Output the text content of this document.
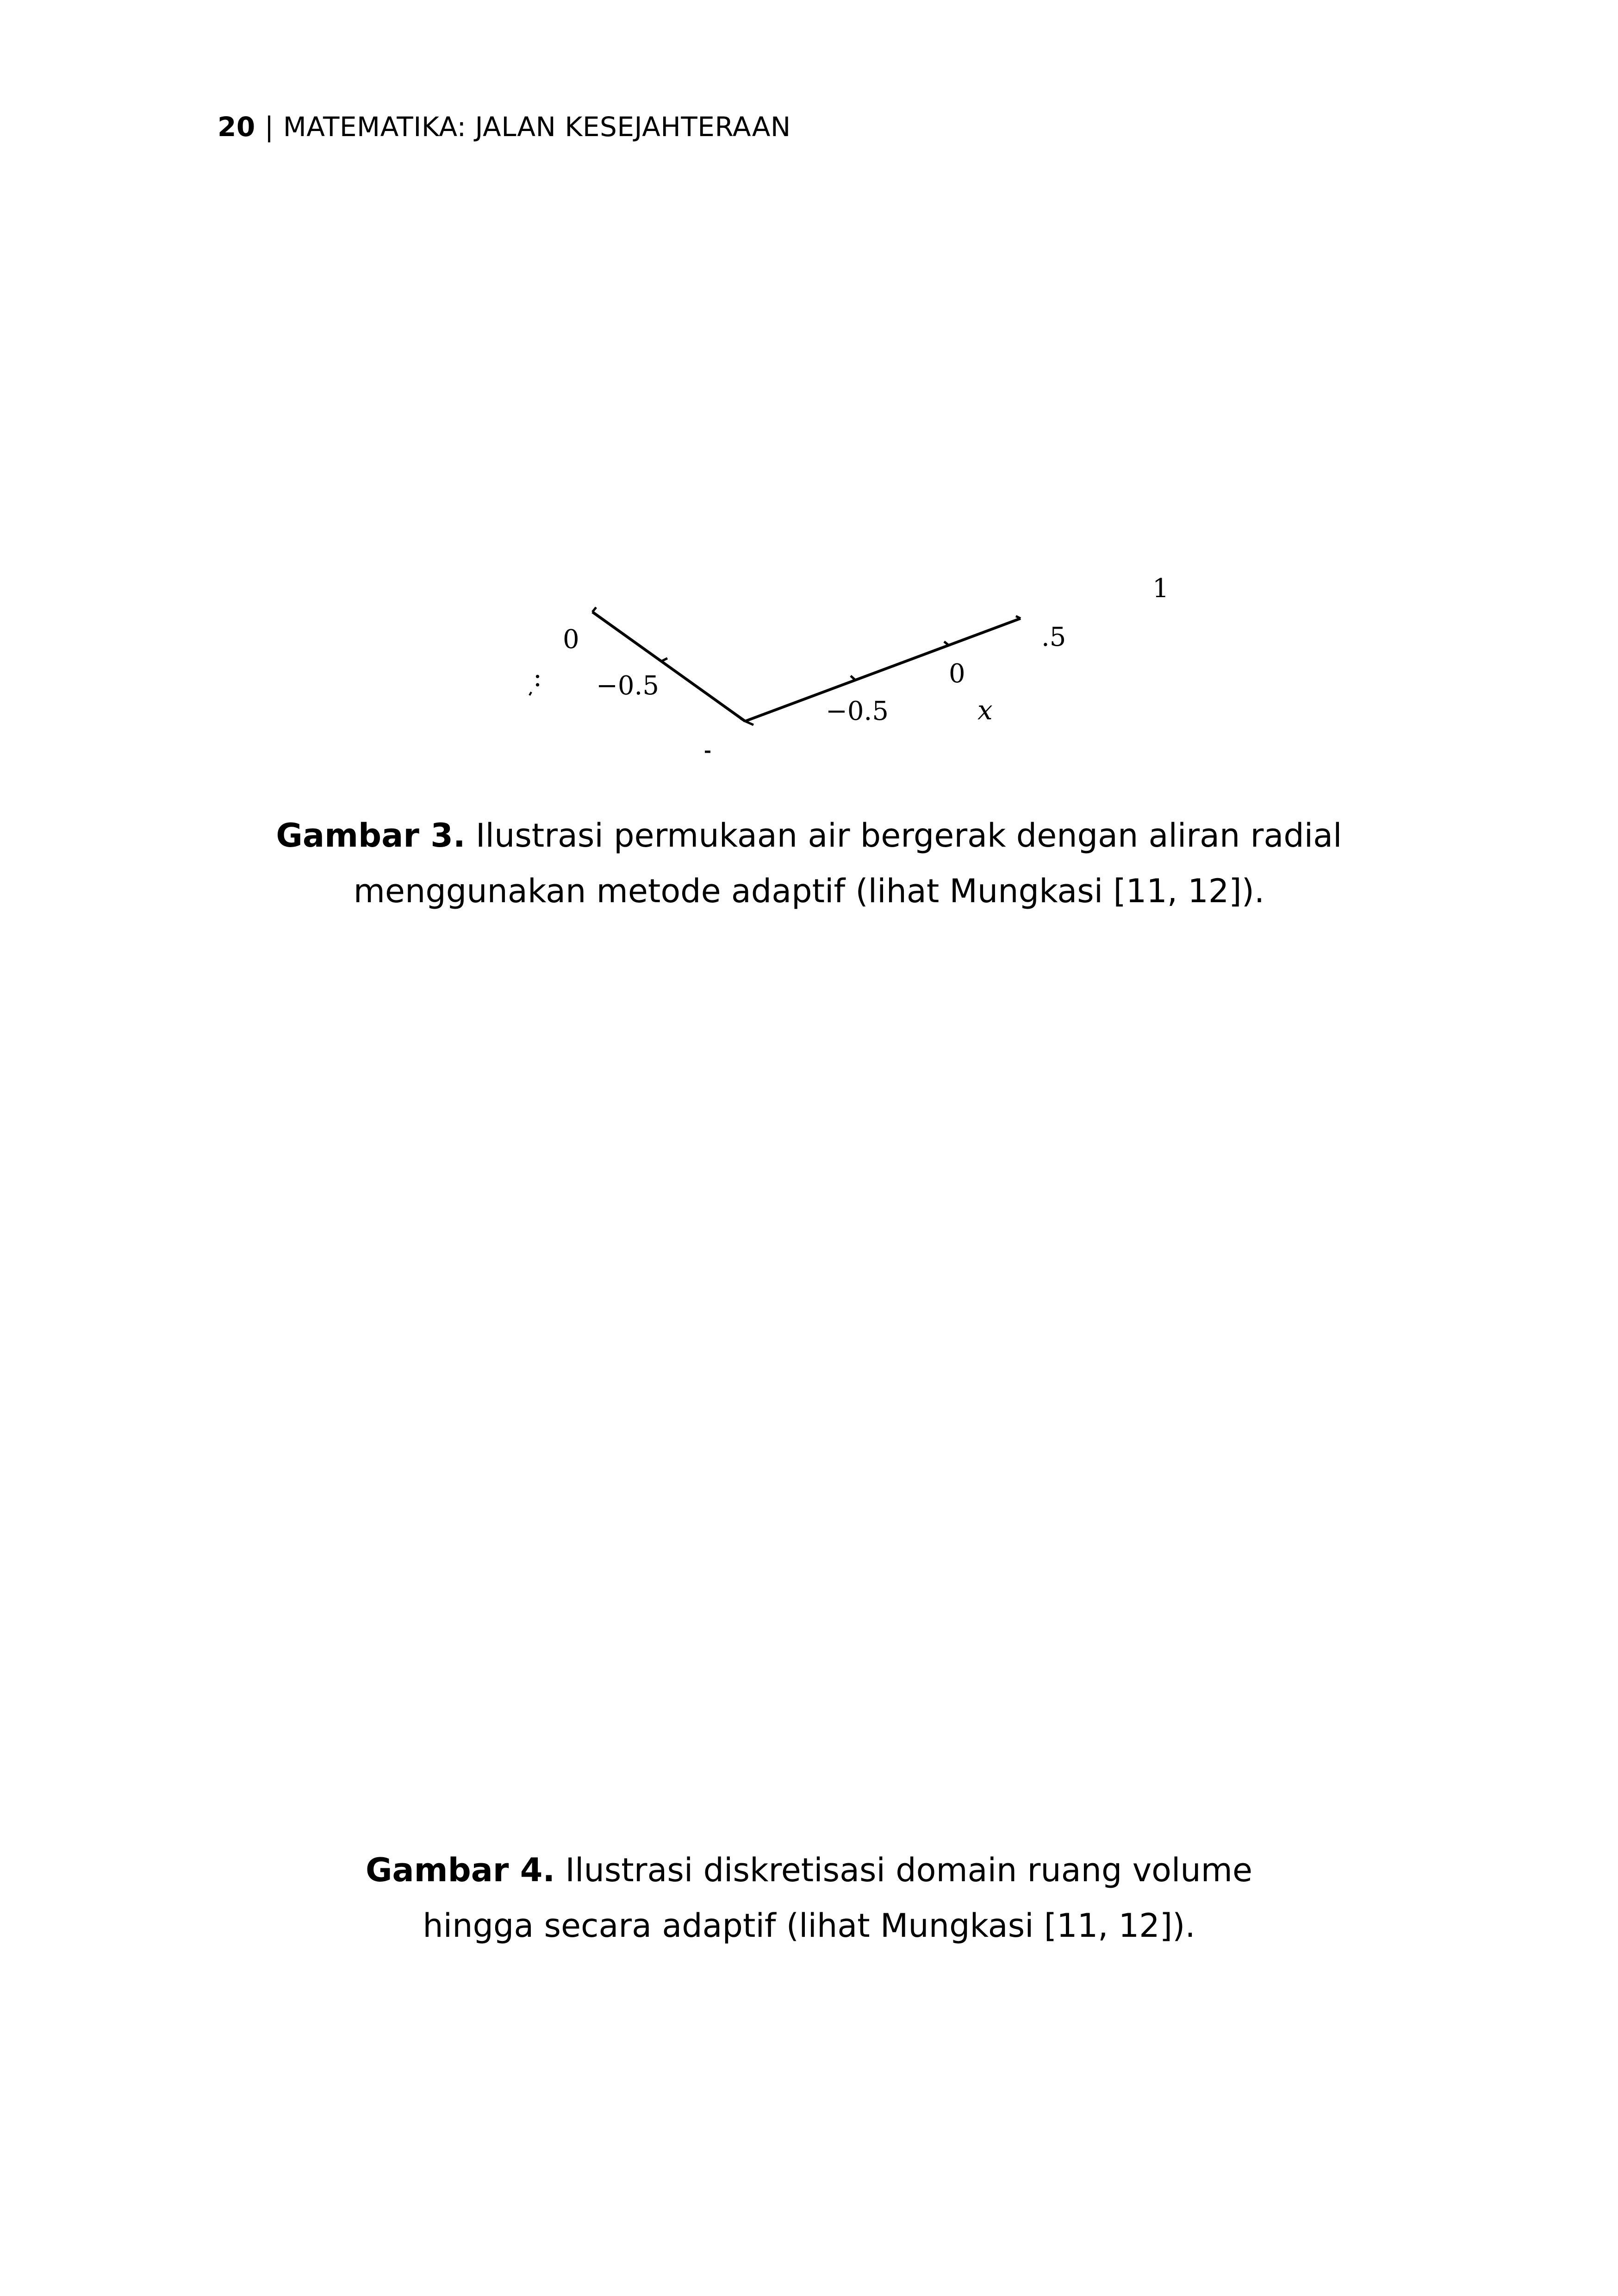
20 | MATEMATIKA: JALAN KESEJAHTERAAN
:
1
0
−0.5
−0.5
0
.5
x
Gambar 3. Ilustrasi permukaan air bergerak dengan aliran radial
menggunakan metode adaptif (lihat Mungkasi [11, 12]).
Gambar 4. Ilustrasi diskretisasi domain ruang volume
hingga secara adaptif (lihat Mungkasi [11, 12]).
